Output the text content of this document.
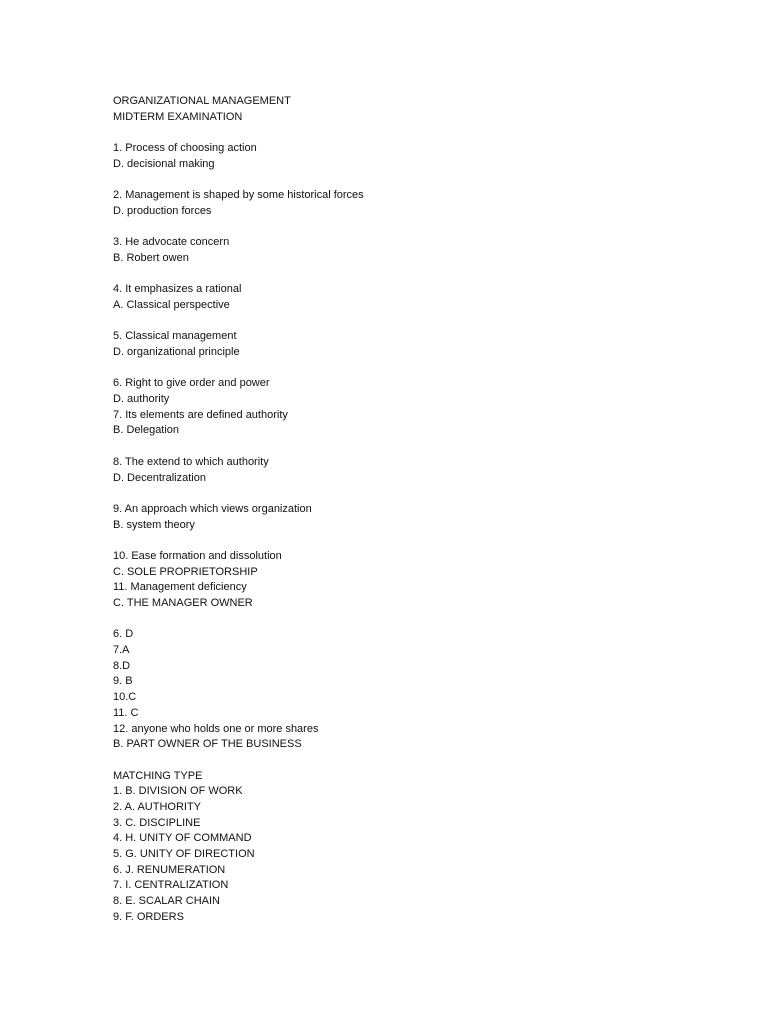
ORGANIZATIONAL MANAGEMENT
MIDTERM EXAMINATION
1. Process of choosing action
D. decisional making
2. Management is shaped by some historical forces
D. production forces
3. He advocate concern
B. Robert owen
4. It emphasizes a rational
A. Classical perspective
5. Classical management
D. organizational principle
6. Right to give order and power
D. authority
7. Its elements are defined authority
B. Delegation
8. The extend to which authority
D. Decentralization
9. An approach which views organization
B. system theory
10. Ease formation and dissolution
C. SOLE PROPRIETORSHIP
11. Management deficiency
C. THE MANAGER OWNER
6. D
7.A
8.D
9. B
10.C
11. C
12. anyone who holds one or more shares
B. PART OWNER OF THE BUSINESS
MATCHING TYPE
1. B. DIVISION OF WORK
2. A. AUTHORITY
3. C. DISCIPLINE
4. H. UNITY OF COMMAND
5. G. UNITY OF DIRECTION
6. J. RENUMERATION
7. I. CENTRALIZATION
8. E. SCALAR CHAIN
9. F. ORDERS
